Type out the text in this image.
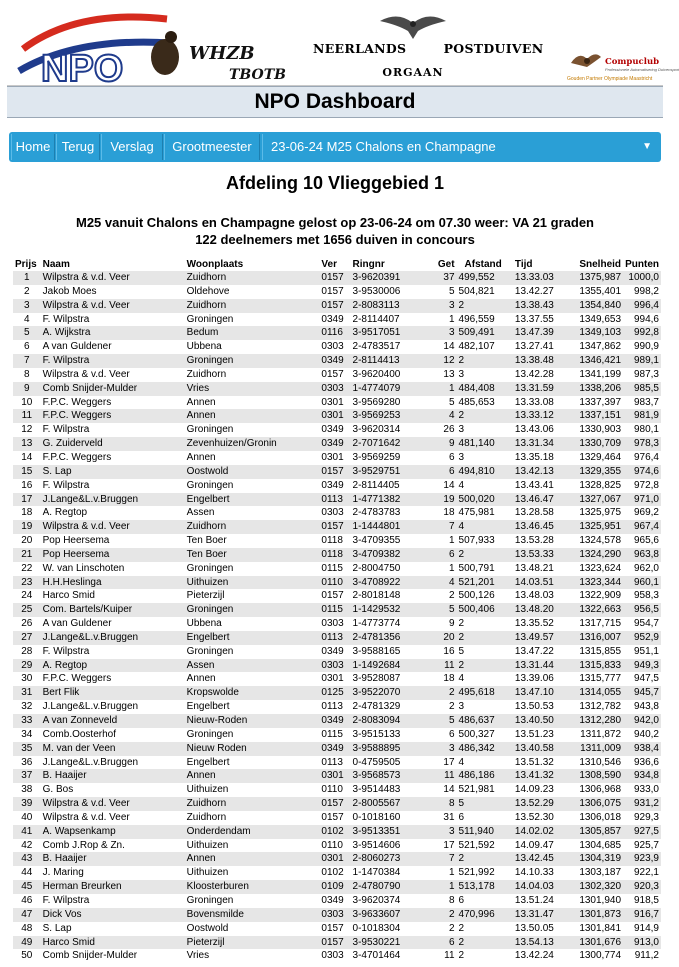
NPO	WHZB
TBOTB
NEERLANDS	POSTDUIVEN
ORGAAN
Compuclub
Professionele Automatisering Duivensport
Gouden Partner Olympiade Maastricht
NPO Dashboard
Home Terug	Verslag	Grootmeester	23-06-24 M25 Chalons en Champagne	▼
Afdeling 10 Vlieggebied 1
M25 vanuit Chalons en Champagne gelost op 23-06-24 om 07.30 weer: VA 21 graden
122 deelnemers met 1656 duiven in concours
Prijs	Naam	Woonplaats	Ver	Ringnr	Get	Afstand	Tijd	Snelheid	Punten
1	Wilpstra & v.d. Veer	Zuidhorn	0157	3-9620391	37	499,552	13.33.03	1375,987	1000,0
2	Jakob Moes	Oldehove	0157	3-9530006	5	504,821	13.42.27	1355,401	998,2
3	Wilpstra & v.d. Veer	Zuidhorn	0157	2-8083113	3	2	13.38.43	1354,840	996,4
4	F. Wilpstra	Groningen	0349	2-8114407	1	496,559	13.37.55	1349,653	994,6
5	A. Wijkstra	Bedum	0116	3-9517051	3	509,491	13.47.39	1349,103	992,8
6	A van Guldener	Ubbena	0303	2-4783517	14	482,107	13.27.41	1347,862	990,9
7	F. Wilpstra	Groningen	0349	2-8114413	12	2	13.38.48	1346,421	989,1
8	Wilpstra & v.d. Veer	Zuidhorn	0157	3-9620400	13	3	13.42.28	1341,199	987,3
9	Comb Snijder-Mulder	Vries	0303	1-4774079	1	484,408	13.31.59	1338,206	985,5
10	F.P.C. Weggers	Annen	0301	3-9569280	5	485,653	13.33.08	1337,397	983,7
11	F.P.C. Weggers	Annen	0301	3-9569253	4	2	13.33.12	1337,151	981,9
12	F. Wilpstra	Groningen	0349	3-9620314	26	3	13.43.06	1330,903	980,1
13	G. Zuiderveld	Zevenhuizen/Gronin	0349	2-7071642	9	481,140	13.31.34	1330,709	978,3
14	F.P.C. Weggers	Annen	0301	3-9569259	6	3	13.35.18	1329,464	976,4
15	S. Lap	Oostwold	0157	3-9529751	6	494,810	13.42.13	1329,355	974,6
16	F. Wilpstra	Groningen	0349	2-8114405	14	4	13.43.41	1328,825	972,8
17	J.Lange&L.v.Bruggen	Engelbert	0113	1-4771382	19	500,020	13.46.47	1327,067	971,0
18	A. Regtop	Assen	0303	2-4783783	18	475,981	13.28.58	1325,975	969,2
19	Wilpstra & v.d. Veer	Zuidhorn	0157	1-1444801	7	4	13.46.45	1325,951	967,4
20	Pop Heersema	Ten Boer	0118	3-4709355	1	507,933	13.53.28	1324,578	965,6
21	Pop Heersema	Ten Boer	0118	3-4709382	6	2	13.53.33	1324,290	963,8
22	W. van Linschoten	Groningen	0115	2-8004750	1	500,791	13.48.21	1323,624	962,0
23	H.H.Heslinga	Uithuizen	0110	3-4708922	4	521,201	14.03.51	1323,344	960,1
24	Harco Smid	Pieterzijl	0157	2-8018148	2	500,126	13.48.03	1322,909	958,3
25	Com. Bartels/Kuiper	Groningen	0115	1-1429532	5	500,406	13.48.20	1322,663	956,5
26	A van Guldener	Ubbena	0303	1-4773774	9	2	13.35.52	1317,715	954,7
27	J.Lange&L.v.Bruggen	Engelbert	0113	2-4781356	20	2	13.49.57	1316,007	952,9
28	F. Wilpstra	Groningen	0349	3-9588165	16	5	13.47.22	1315,855	951,1
29	A. Regtop	Assen	0303	1-1492684	11	2	13.31.44	1315,833	949,3
30	F.P.C. Weggers	Annen	0301	3-9528087	18	4	13.39.06	1315,777	947,5
31	Bert Flik	Kropswolde	0125	3-9522070	2	495,618	13.47.10	1314,055	945,7
32	J.Lange&L.v.Bruggen	Engelbert	0113	2-4781329	2	3	13.50.53	1312,782	943,8
33	A van Zonneveld	Nieuw-Roden	0349	2-8083094	5	486,637	13.40.50	1312,280	942,0
34	Comb.Oosterhof	Groningen	0115	3-9515133	6	500,327	13.51.23	1311,872	940,2
35	M. van der Veen	Nieuw Roden	0349	3-9588895	3	486,342	13.40.58	1311,009	938,4
36	J.Lange&L.v.Bruggen	Engelbert	0113	0-4759505	17	4	13.51.32	1310,546	936,6
37	B. Haaijer	Annen	0301	3-9568573	11	486,186	13.41.32	1308,590	934,8
38	G. Bos	Uithuizen	0110	3-9514483	14	521,981	14.09.23	1306,968	933,0
39	Wilpstra & v.d. Veer	Zuidhorn	0157	2-8005567	8	5	13.52.29	1306,075	931,2
40	Wilpstra & v.d. Veer	Zuidhorn	0157	0-1018160	31	6	13.52.30	1306,018	929,3
41	A. Wapsenkamp	Onderdendam	0102	3-9513351	3	511,940	14.02.02	1305,857	927,5
42	Comb J.Rop & Zn.	Uithuizen	0110	3-9514606	17	521,592	14.09.47	1304,685	925,7
43	B. Haaijer	Annen	0301	2-8060273	7	2	13.42.45	1304,319	923,9
44	J. Maring	Uithuizen	0102	1-1470384	1	521,992	14.10.33	1303,187	922,1
45	Herman Breurken	Kloosterburen	0109	2-4780790	1	513,178	14.04.03	1302,320	920,3
46	F. Wilpstra	Groningen	0349	3-9620374	8	6	13.51.24	1301,940	918,5
47	Dick Vos	Bovensmilde	0303	3-9633607	2	470,996	13.31.47	1301,873	916,7
48	S. Lap	Oostwold	0157	0-1018304	2	2	13.50.05	1301,841	914,9
49	Harco Smid	Pieterzijl	0157	3-9530221	6	2	13.54.13	1301,676	913,0
50	Comb Snijder-Mulder	Vries	0303	3-4701464	11	2	13.42.24	1300,774	911,2
